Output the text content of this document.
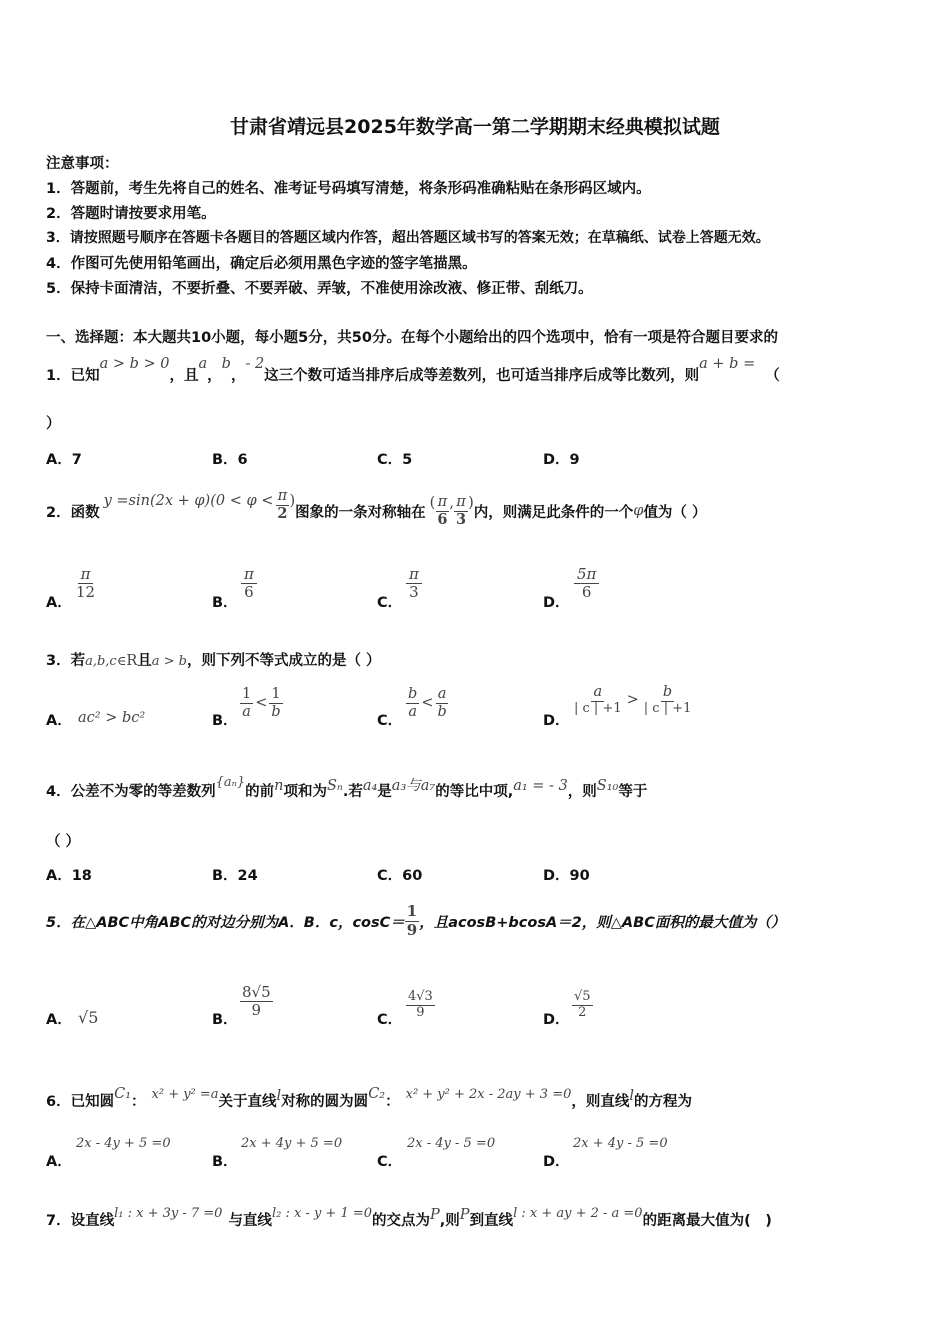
甘肃省靖远县2025年数学高一第二学期期末经典模拟试题
注意事项：
1．答题前，考生先将自己的姓名、准考证号码填写清楚，将条形码准确粘贴在条形码区域内。
2．答题时请按要求用笔。
3．请按照题号顺序在答题卡各题目的答题区域内作答，超出答题区域书写的答案无效；在草稿纸、试卷上答题无效。
4．作图可先使用铅笔画出，确定后必须用黑色字迹的签字笔描黑。
5．保持卡面清洁，不要折叠、不要弄破、弄皱，不准使用涂改液、修正带、刮纸刀。
一、选择题：本大题共10小题，每小题5分，共50分。在每个小题给出的四个选项中，恰有一项是符合题目要求的
1．已知a > b > 0，且a，b，- 2这三个数可适当排序后成等差数列，也可适当排序后成等比数列，则a + b =（
）
A．7	B．6	C．5	D．9
2．函数
$y =\sin(2x + \varphi)(0 < \varphi < \frac{\pi}{2}$ )
图象的一条对称轴在
( $\frac{\pi}{6}$ , $\frac{\pi}{3}$ )
内，则满足此条件的一个 φ 值为（ ）
A．
$\frac{\pi}{12}$
B．
$\frac{\pi}{6}$
C．
$\frac{\pi}{3}$
D．
$\frac{5\pi}{6}$
3．若a,b,c∈R且a > b，则下列不等式成立的是（ ）
A． ac² > bc²	B．
$\frac{1}{a} < \frac{1}{b}$
C．
$\frac{b}{a} < \frac{a}{b}$
D．
$\frac{a}{| c | +1} > \frac{b}{| c | +1}$
4．公差不为零的等差数列{aₙ}的前n项和为Sₙ.若a₄是a₃与a₇的等比中项,a₁ = - 3，则S₁₀等于
（ ）
A．18	B．24	C．60	D．90
5．在△ABC中角ABC的对边分别为A．B．c，$\cos C= \frac{1}{9}$ ，且acosB+bcosA＝2，则△ABC面积的最大值为（）
A． √5	B．
$\frac{8√5}{9}$
C． $\frac{4√3}{9}$	D． $\frac{√5}{2}$
6．已知圆C₁： x² + y² =a关于直线l对称的圆为圆C₂： x² + y² + 2x - 2ay + 3 =0，则直线l的方程为
A．
2x - 4y + 5 =0
B．
2x + 4y + 5 =0
C．
2x - 4y - 5 =0
D．
2x + 4y - 5 =0
7．设直线l₁ : x + 3y - 7 =0 与直线l₂ : x - y + 1 =0的交点为P,则P到直线l : x + ay + 2 - a =0的距离最大值为(　)
